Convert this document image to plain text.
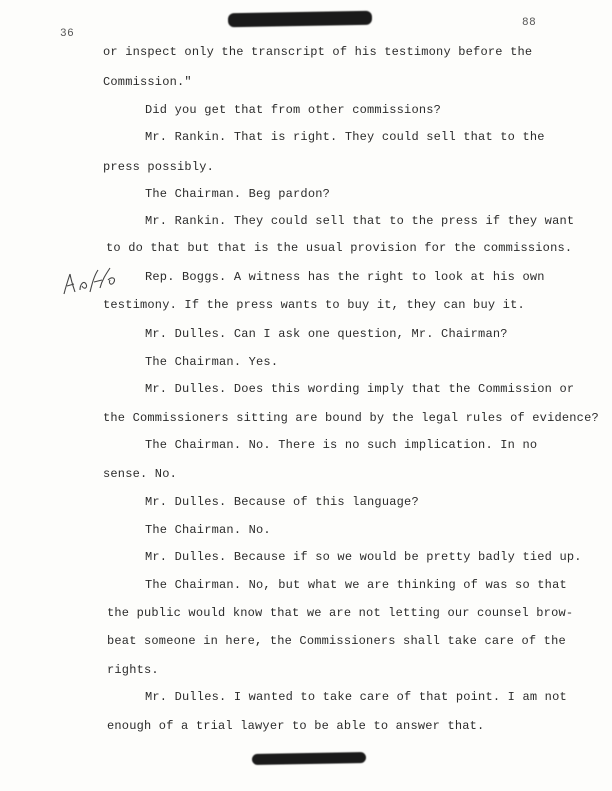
36
88
or inspect only the transcript of his testimony before the
Commission."
Did you get that from other commissions?
Mr. Rankin. That is right. They could sell that to the
press possibly.
The Chairman. Beg pardon?
Mr. Rankin. They could sell that to the press if they want
to do that but that is the usual provision for the commissions.
Rep. Boggs. A witness has the right to look at his own
testimony. If the press wants to buy it, they can buy it.
Mr. Dulles. Can I ask one question, Mr. Chairman?
The Chairman. Yes.
Mr. Dulles. Does this wording imply that the Commission or
the Commissioners sitting are bound by the legal rules of evidence?
The Chairman. No. There is no such implication. In no
sense. No.
Mr. Dulles. Because of this language?
The Chairman. No.
Mr. Dulles. Because if so we would be pretty badly tied up.
The Chairman. No, but what we are thinking of was so that
the public would know that we are not letting our counsel brow-
beat someone in here, the Commissioners shall take care of the
rights.
Mr. Dulles. I wanted to take care of that point. I am not
enough of a trial lawyer to be able to answer that.
